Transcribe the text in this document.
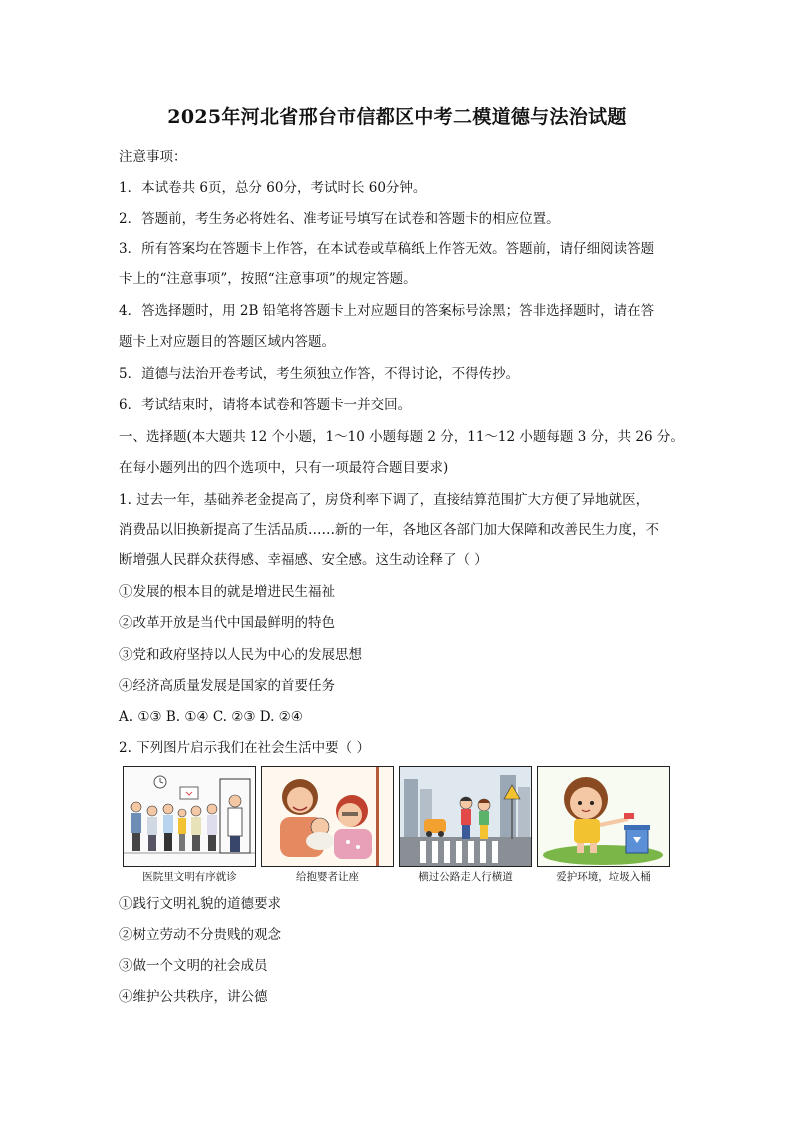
2025年河北省邢台市信都区中考二模道德与法治试题
注意事项：
1．本试卷共 6页，总分 60分，考试时长 60分钟。
2．答题前，考生务必将姓名、准考证号填写在试卷和答题卡的相应位置。
3．所有答案均在答题卡上作答，在本试卷或草稿纸上作答无效。答题前，请仔细阅读答题
卡上的“注意事项”，按照“注意事项”的规定答题。
4．答选择题时，用 2B 铅笔将答题卡上对应题目的答案标号涂黑；答非选择题时，请在答
题卡上对应题目的答题区域内答题。
5．道德与法治开卷考试，考生须独立作答，不得讨论，不得传抄。
6．考试结束时，请将本试卷和答题卡一并交回。
一、选择题(本大题共 12 个小题，1～10 小题每题 2 分，11～12 小题每题 3 分，共 26 分。
在每小题列出的四个选项中，只有一项最符合题目要求)
1. 过去一年，基础养老金提高了，房贷利率下调了，直接结算范围扩大方便了异地就医，
消费品以旧换新提高了生活品质……新的一年，各地区各部门加大保障和改善民生力度，不
断增强人民群众获得感、幸福感、安全感。这生动诠释了（ ）
①发展的根本目的就是增进民生福祉
②改革开放是当代中国最鲜明的特色
③党和政府坚持以人民为中心的发展思想
④经济高质量发展是国家的首要任务
A. ①③ B. ①④ C. ②③ D. ②④
2. 下列图片启示我们在社会生活中要（ ）
医院里文明有序就诊	给抱婴者让座	横过公路走人行横道	爱护环境，垃圾入桶
①践行文明礼貌的道德要求
②树立劳动不分贵贱的观念
③做一个文明的社会成员
④维护公共秩序，讲公德
